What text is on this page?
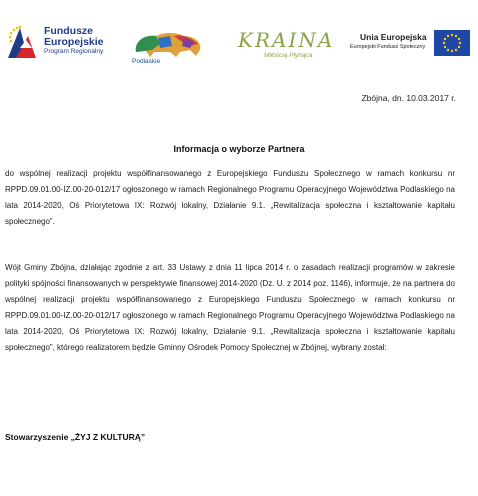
Fundusze
Europejskie
Program Regionalny
Podlaskie
KRAINA
Miłością Płynąca
Unia Europejska
Europejski Fundusz Społeczny
Zbójna, dn. 10.03.2017 r.
Informacja o wyborze Partnera

do wspólnej realizacji projektu współfinansowanego z Europejskiego Funduszu Społecznego w ramach konkursu nr RPPD.09.01.00-IZ.00-20-012/17 ogłoszonego w ramach Regionalnego Programu Operacyjnego Województwa Podlaskiego na lata 2014-2020, Oś Priorytetowa IX: Rozwój lokalny, Działanie 9.1. „Rewitalizacja społeczna i kształtowanie kapitału społecznego”.

Wójt Gminy Zbójna, działając zgodnie z art. 33 Ustawy z dnia 11 lipca 2014 r. o zasadach realizacji programów w zakresie polityki spójności finansowanych w perspektywie finansowej 2014-2020 (Dz. U. z 2014 poz. 1146), informuje, że na partnera do wspólnej realizacji projektu współfinansowanego z Europejskiego Funduszu Społecznego w ramach konkursu nr RPPD.09.01.00-IZ.00-20-012/17 ogłoszonego w ramach Regionalnego Programu Operacyjnego Województwa Podlaskiego na lata 2014-2020, Oś Priorytetowa IX: Rozwój lokalny, Działanie 9.1. „Rewitalizacja społeczna i kształtowanie kapitału społecznego”, którego realizatorem będzie Gminny Ośrodek Pomocy Społecznej w Zbójnej, wybrany został:

Stowarzyszenie „ŻYJ Z KULTURĄ”
